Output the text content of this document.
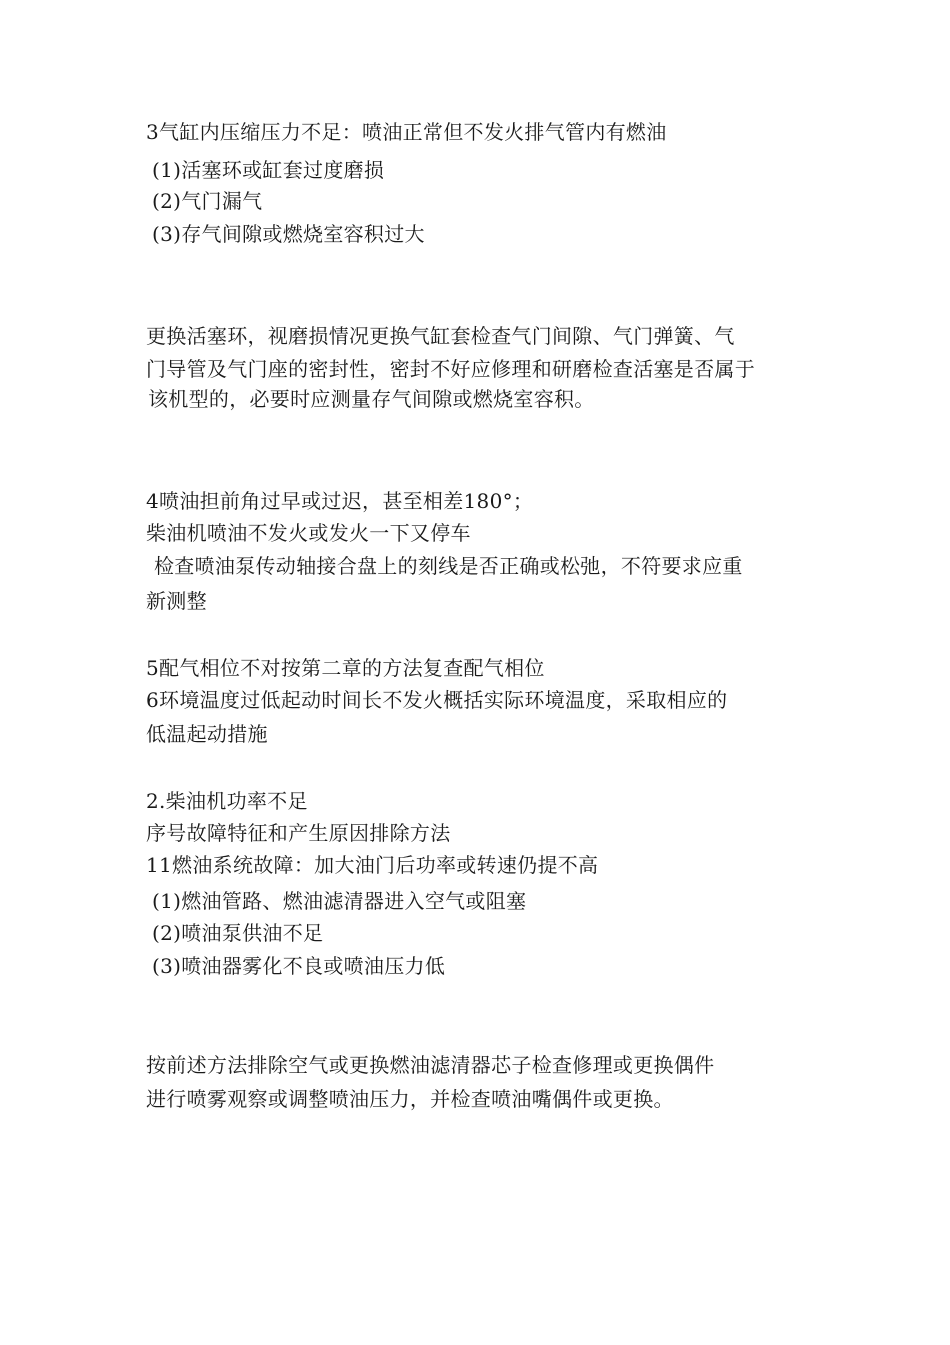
3气缸内压缩压力不足：喷油正常但不发火排气管内有燃油
(1)活塞环或缸套过度磨损
(2)气门漏气
(3)存气间隙或燃烧室容积过大
更换活塞环，视磨损情况更换气缸套检查气门间隙、气门弹簧、气
门导管及气门座的密封性，密封不好应修理和研磨检查活塞是否属于
该机型的，必要时应测量存气间隙或燃烧室容积。
4喷油担前角过早或过迟，甚至相差180°；
柴油机喷油不发火或发火一下又停车
检查喷油泵传动轴接合盘上的刻线是否正确或松弛，不符要求应重
新测整
5配气相位不对按第二章的方法复查配气相位
6环境温度过低起动时间长不发火概括实际环境温度，采取相应的
低温起动措施
2.柴油机功率不足
序号故障特征和产生原因排除方法
11燃油系统故障：加大油门后功率或转速仍提不高
(1)燃油管路、燃油滤清器进入空气或阻塞
(2)喷油泵供油不足
(3)喷油器雾化不良或喷油压力低
按前述方法排除空气或更换燃油滤清器芯子检查修理或更换偶件
进行喷雾观察或调整喷油压力，并检查喷油嘴偶件或更换。
